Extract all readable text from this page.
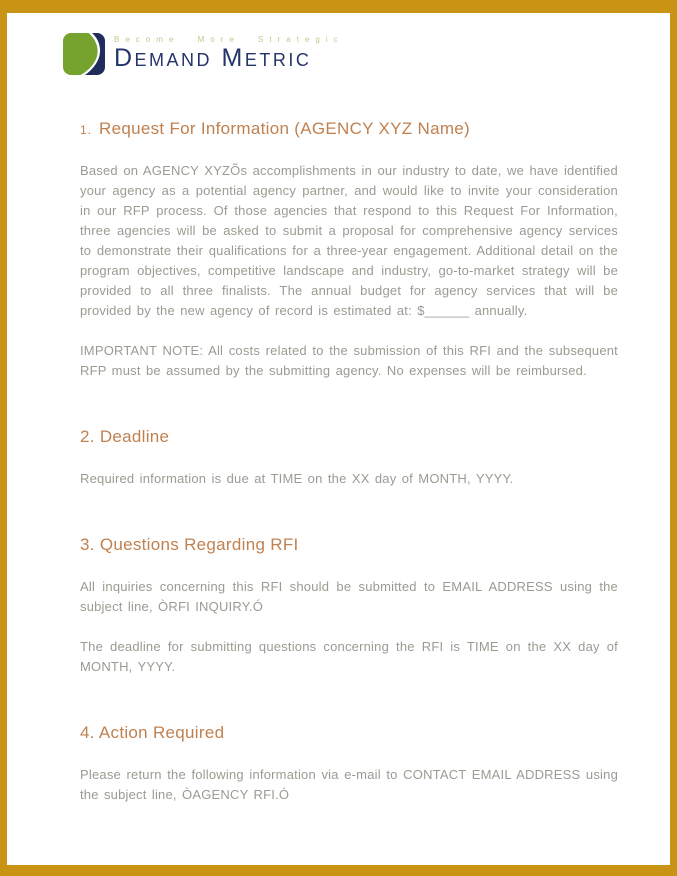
Become More Strategic
Demand Metric
1. Request For Information (AGENCY XYZ Name)

Based on AGENCY XYZÕs accomplishments in our industry to date, we have identified your agency as a potential agency partner, and would like to invite your consideration in our RFP process. Of those agencies that respond to this Request For Information, three agencies will be asked to submit a proposal for comprehensive agency services to demonstrate their qualifications for a three-year engagement. Additional detail on the program objectives, competitive landscape and industry, go-to-market strategy will be provided to all three finalists. The annual budget for agency services that will be provided by the new agency of record is estimated at: $______ annually.

IMPORTANT NOTE: All costs related to the submission of this RFI and the subsequent RFP must be assumed by the submitting agency. No expenses will be reimbursed.

2. Deadline

Required information is due at TIME on the XX day of MONTH, YYYY.

3. Questions Regarding RFI

All inquiries concerning this RFI should be submitted to EMAIL ADDRESS using the subject line, ÒRFI INQUIRY.Ó

The deadline for submitting questions concerning the RFI is TIME on the XX day of MONTH, YYYY.

4. Action Required

Please return the following information via e-mail to CONTACT EMAIL ADDRESS using the subject line, ÒAGENCY RFI.Ó
